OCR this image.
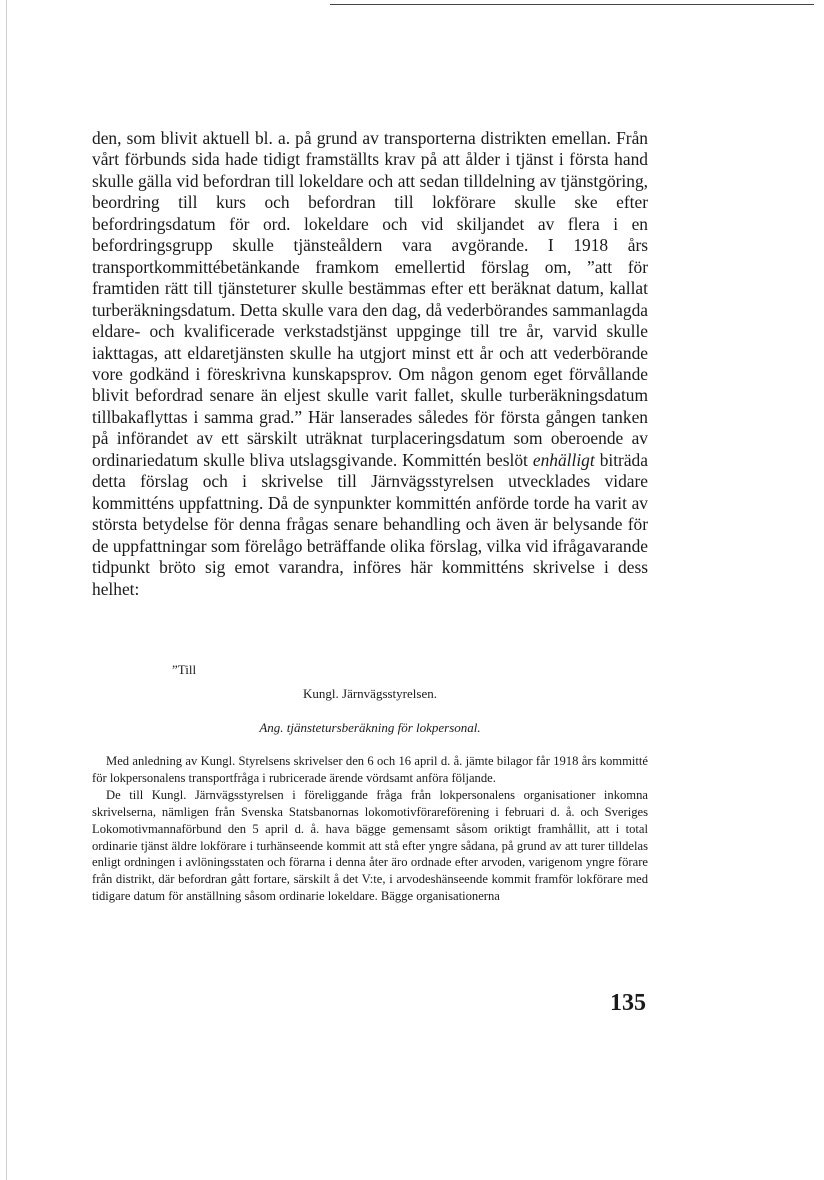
den, som blivit aktuell bl. a. på grund av transporterna distrikten emellan. Från vårt förbunds sida hade tidigt framställts krav på att ålder i tjänst i första hand skulle gälla vid befordran till lokeldare och att sedan tilldelning av tjänstgöring, beordring till kurs och befordran till lokförare skulle ske efter befordringsdatum för ord. lokeldare och vid skiljandet av flera i en befordringsgrupp skulle tjänsteåldern vara avgörande. I 1918 års transportkommittébetänkande framkom emellertid förslag om, ”att för framtiden rätt till tjänsteturer skulle bestämmas efter ett beräknat datum, kallat turberäkningsdatum. Detta skulle vara den dag, då vederbörandes sammanlagda eldare- och kvalificerade verkstadstjänst uppginge till tre år, varvid skulle iakttagas, att eldaretjänsten skulle ha utgjort minst ett år och att vederbörande vore godkänd i föreskrivna kunskapsprov. Om någon genom eget förvållande blivit befordrad senare än eljest skulle varit fallet, skulle turberäkningsdatum tillbakaflyttas i samma grad.” Här lanserades således för första gången tanken på införandet av ett särskilt uträknat turplaceringsdatum som oberoende av ordinariedatum skulle bliva utslagsgivande. Kommittén beslöt enhälligt biträda detta förslag och i skrivelse till Järnvägsstyrelsen utvecklades vidare kommitténs uppfattning. Då de synpunkter kommittén anförde torde ha varit av största betydelse för denna frågas senare behandling och även är belysande för de uppfattningar som förelågo beträffande olika förslag, vilka vid ifrågavarande tidpunkt bröto sig emot varandra, införes här kommitténs skrivelse i dess helhet:

”Till
Kungl. Järnvägsstyrelsen.
Ang. tjänstetursberäkning för lokpersonal.

Med anledning av Kungl. Styrelsens skrivelser den 6 och 16 april d. å. jämte bilagor får 1918 års kommitté för lokpersonalens transportfråga i rubricerade ärende vördsamt anföra följande.

De till Kungl. Järnvägsstyrelsen i föreliggande fråga från lokpersonalens organisationer inkomna skrivelserna, nämligen från Svenska Statsbanornas lokomotivförareförening i februari d. å. och Sveriges Lokomotivmannaförbund den 5 april d. å. hava bägge gemensamt såsom oriktigt framhållit, att i total ordinarie tjänst äldre lokförare i turhänseende kommit att stå efter yngre sådana, på grund av att turer tilldelas enligt ordningen i avlöningsstaten och förarna i denna åter äro ordnade efter arvoden, varigenom yngre förare från distrikt, där befordran gått fortare, särskilt å det V:te, i arvodeshänseende kommit framför lokförare med tidigare datum för anställning såsom ordinarie lokeldare. Bägge organisationerna

135
